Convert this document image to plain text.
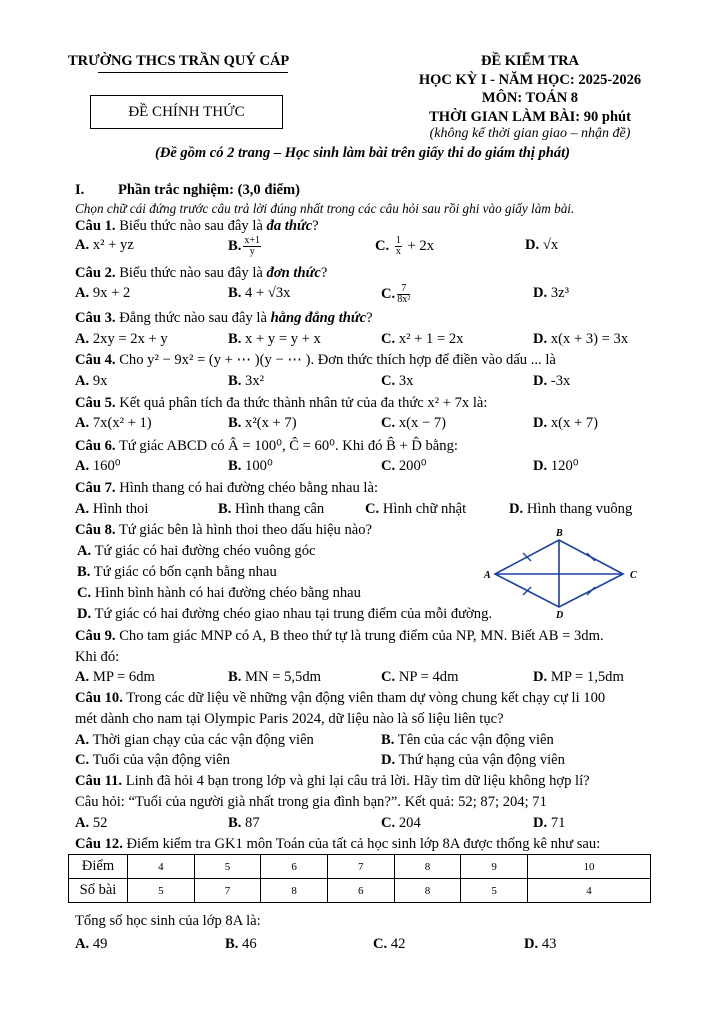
TRƯỜNG THCS TRẦN QUÝ CÁP
ĐỀ CHÍNH THỨC
ĐỀ KIỂM TRA
HỌC KỲ I - NĂM HỌC: 2025-2026
MÔN: TOÁN 8
THỜI GIAN LÀM BÀI: 90 phút
(không kể thời gian giao – nhận đề)
(Đề gồm có 2 trang – Học sinh làm bài trên giấy thi do giám thị phát)
I. Phần trắc nghiệm: (3,0 điểm)
Chọn chữ cái đứng trước câu trả lời đúng nhất trong các câu hỏi sau rồi ghi vào giấy làm bài.
Câu 1. Biểu thức nào sau đây là đa thức?
A. x² + yz	B. $\frac{x+1}{y}$	C. $\frac{1}{x} + 2x$	D. √x
Câu 2. Biểu thức nào sau đây là đơn thức?
A. 9x + 2	B. 4 + √3x	C. $\frac{7}{\text{8x²}}$	D. 3z³
Câu 3. Đẳng thức nào sau đây là hằng đẳng thức?
A. 2xy = 2x + y	B. x + y = y + x	C. x² + 1 = 2x	D. x(x + 3) = 3x
Câu 4. Cho y² − 9x² = (y + ⋯ )(y − ⋯ ). Đơn thức thích hợp để điền vào dấu ... là
A. 9x	B. 3x²	C. 3x	D. -3x
Câu 5. Kết quả phân tích đa thức thành nhân tử của đa thức x² + 7x là:
A. 7x(x² + 1)	B. x²(x + 7)	C. x(x − 7)	D. x(x + 7)
Câu 6. Tứ giác ABCD có Â = 100⁰, Ĉ = 60⁰. Khi đó B̂ + D̂ bằng:
A. 160⁰	B. 100⁰	C. 200⁰	D. 120⁰
Câu 7. Hình thang có hai đường chéo bằng nhau là:
A. Hình thoi	B. Hình thang cân	C. Hình chữ nhật	D. Hình thang vuông
Câu 8. Tứ giác bên là hình thoi theo dấu hiệu nào?
A. Tứ giác có hai đường chéo vuông góc
B. Tứ giác có bốn cạnh bằng nhau
C. Hình bình hành có hai đường chéo bằng nhau
D. Tứ giác có hai đường chéo giao nhau tại trung điểm của mỗi đường.
A
B
C
D
Câu 9. Cho tam giác MNP có A, B theo thứ tự là trung điểm của NP, MN. Biết AB = 3dm.
Khi đó:
A. MP = 6dm	B. MN = 5,5dm	C. NP = 4dm	D. MP = 1,5dm
Câu 10. Trong các dữ liệu về những vận động viên tham dự vòng chung kết chạy cự li 100
mét dành cho nam tại Olympic Paris 2024, dữ liệu nào là số liệu liên tục?
A. Thời gian chạy của các vận động viên	B. Tên của các vận động viên
C. Tuổi của vận động viên	D. Thứ hạng của vận động viên
Câu 11. Linh đã hỏi 4 bạn trong lớp và ghi lại câu trả lời. Hãy tìm dữ liệu không hợp lí?
Câu hỏi: “Tuổi của người già nhất trong gia đình bạn?”. Kết quả: 52; 87; 204; 71
A. 52	B. 87	C. 204	D. 71
Câu 12. Điểm kiểm tra GK1 môn Toán của tất cả học sinh lớp 8A được thống kê như sau:
Điểm	4	5	6	7	8	9	10
Số bài	5	7	8	6	8	5	4
Tổng số học sinh của lớp 8A là:
A. 49	B. 46	C. 42	D. 43
